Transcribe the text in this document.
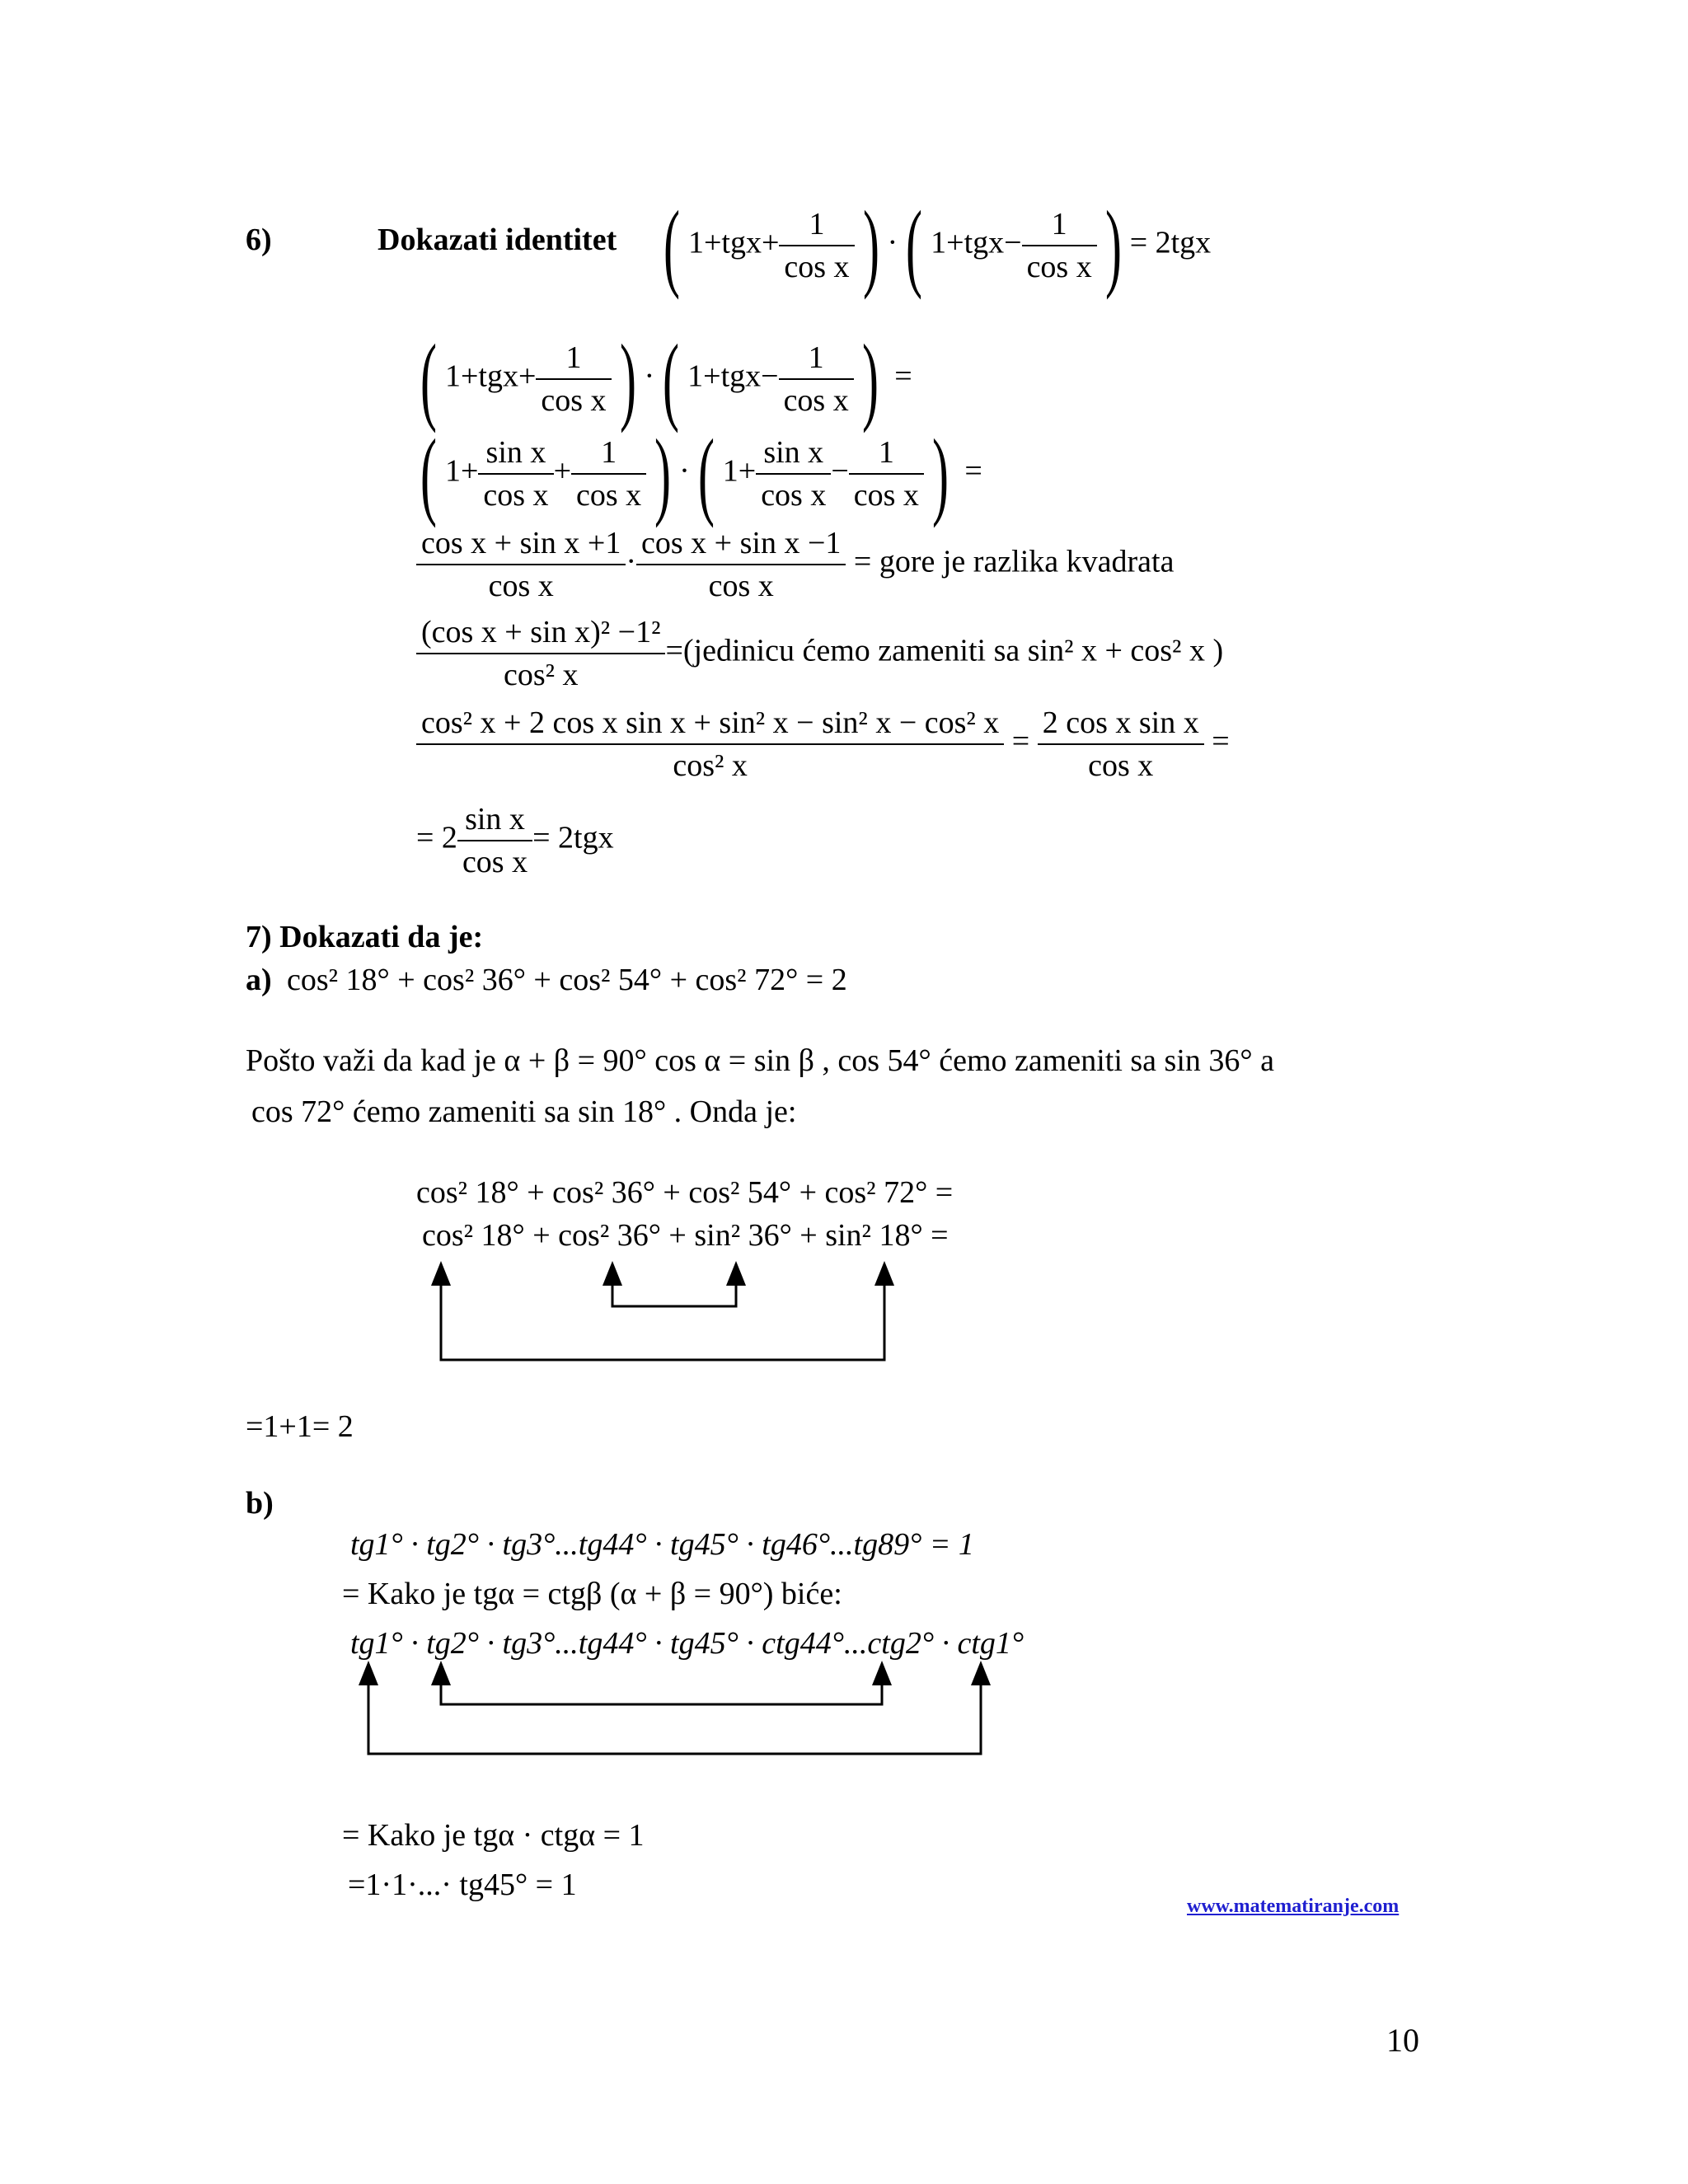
6)	Dokazati identitet ( $1+tgx+ \frac{1}{\text{cos x}}$ ) ·( $1+tgx- \frac{1}{\text{cos x}}$ ) = 2tgx
( $1+tgx+ \frac{1}{\text{cos x}}$ ) ·( $1+tgx- \frac{1}{\text{cos x}}$ ) =
( $1+ \frac{\text{sin x}}{\text{cos x}} + \frac{1}{\text{cos x}}$ ) ·( $1+ \frac{\text{sin x}}{\text{cos x}} - \frac{1}{\text{cos x}}$ ) =
$\frac{\text{cos x + sin x +1}}{\text{cos x}} \cdot \frac{\text{cos x + sin x −1}}{\text{cos x}}$ = gore je razlika kvadrata
$\frac{\text{(cos x + sin x)² −1²}}{\text{cos² x}}$ =(jedinicu ćemo zameniti sa sin² x + cos² x )
$\frac{\text{cos² x + 2 cos x sin x + sin² x − sin² x − cos² x}}{\text{cos² x}} = \frac{\text{2 cos x sin x}}{\text{cos x}}$ =
= $2 \frac{\text{sin x}}{\text{cos x}} = 2tgx$
7) Dokazati da je:
a) cos² 18° + cos² 36° + cos² 54° + cos² 72° = 2
Pošto važi da kad je α + β = 90° cos α = sin β , cos 54° ćemo zameniti sa sin 36° a
cos 72° ćemo zameniti sa sin 18° . Onda je:
cos² 18° + cos² 36° + cos² 54° + cos² 72° =
cos² 18° + cos² 36° + sin² 36° + sin² 18° =
=1+1= 2
b)
tg1° · tg2° · tg3°...tg44° · tg45° · tg46°...tg89° = 1
= Kako je tgα = ctgβ (α + β = 90°) biće:
tg1° · tg2° · tg3°...tg44° · tg45° · ctg44°...ctg2° · ctg1°
= Kako je tgα · ctgα = 1
=1·1·...· tg45° = 1
www.matematiranje.com
10
